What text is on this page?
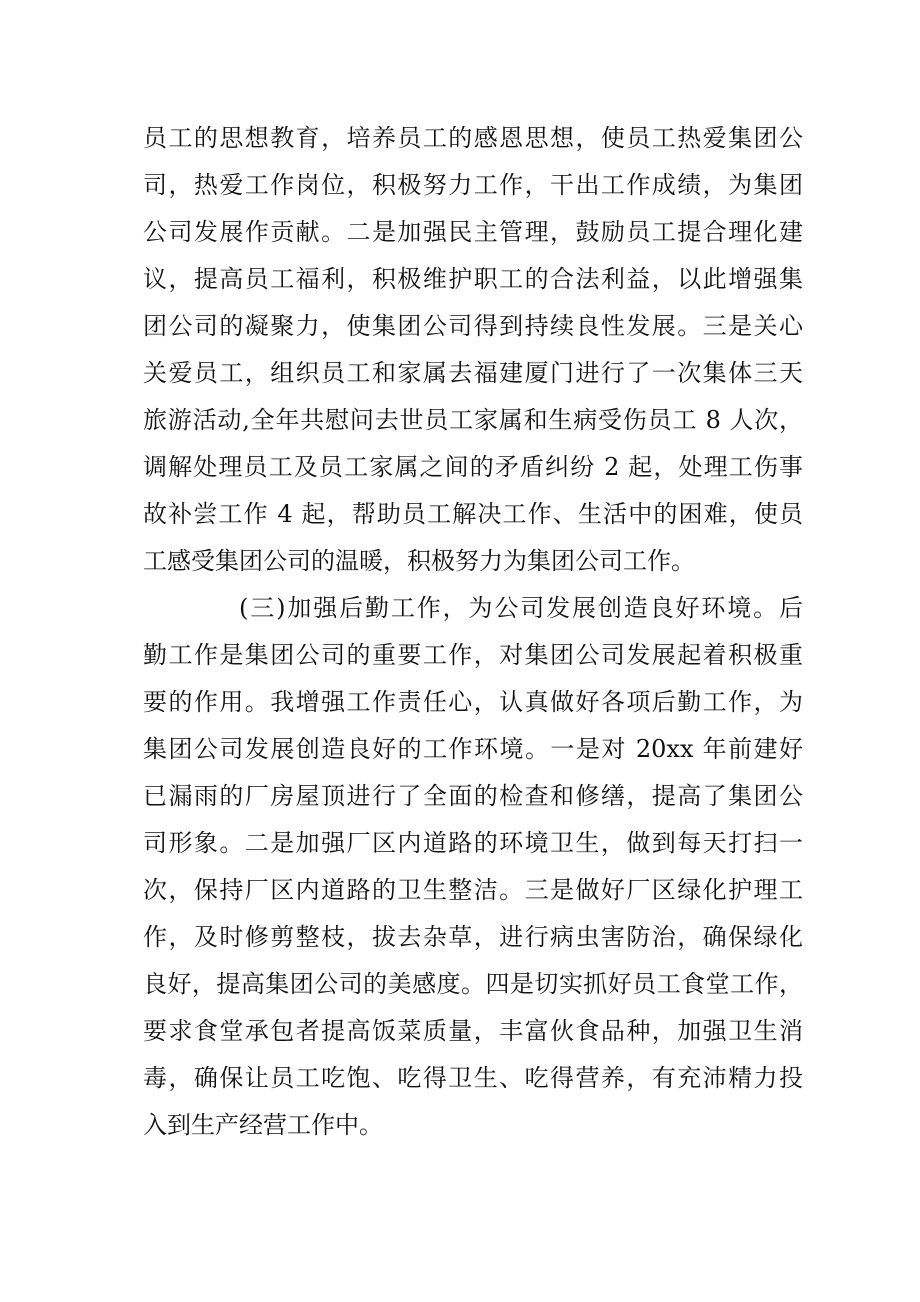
员工的思想教育，培养员工的感恩思想，使员工热爱集团公
司，热爱工作岗位，积极努力工作，干出工作成绩，为集团
公司发展作贡献。二是加强民主管理，鼓励员工提合理化建
议，提高员工福利，积极维护职工的合法利益，以此增强集
团公司的凝聚力，使集团公司得到持续良性发展。三是关心
关爱员工，组织员工和家属去福建厦门进行了一次集体三天
旅游活动,全年共慰问去世员工家属和生病受伤员工 8 人次，
调解处理员工及员工家属之间的矛盾纠纷 2 起，处理工伤事
故补尝工作 4 起，帮助员工解决工作、生活中的困难，使员
工感受集团公司的温暖，积极努力为集团公司工作。
(三)加强后勤工作，为公司发展创造良好环境。后
勤工作是集团公司的重要工作，对集团公司发展起着积极重
要的作用。我增强工作责任心，认真做好各项后勤工作，为
集团公司发展创造良好的工作环境。一是对 20xx 年前建好
已漏雨的厂房屋顶进行了全面的检查和修缮，提高了集团公
司形象。二是加强厂区内道路的环境卫生，做到每天打扫一
次，保持厂区内道路的卫生整洁。三是做好厂区绿化护理工
作，及时修剪整枝，拔去杂草，进行病虫害防治，确保绿化
良好，提高集团公司的美感度。四是切实抓好员工食堂工作，
要求食堂承包者提高饭菜质量，丰富伙食品种，加强卫生消
毒，确保让员工吃饱、吃得卫生、吃得营养，有充沛精力投
入到生产经营工作中。
